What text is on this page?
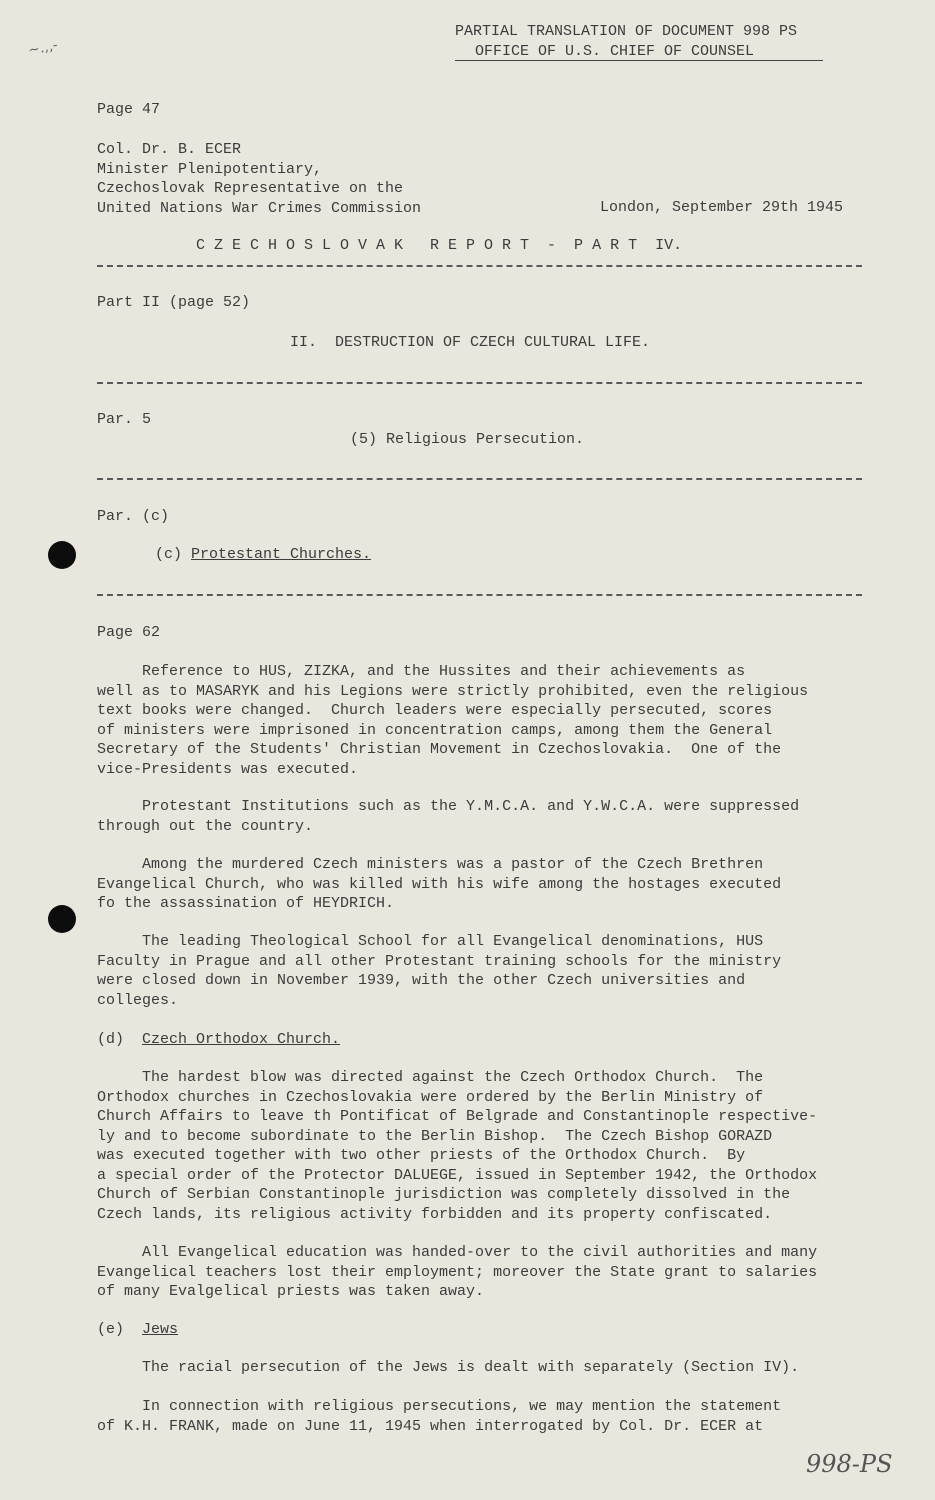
~.,,-
PARTIAL TRANSLATION OF DOCUMENT 998 PS
OFFICE OF U.S. CHIEF OF COUNSEL
Page 47
Col. Dr. B. ECER
Minister Plenipotentiary,
Czechoslovak Representative on the
United Nations War Crimes Commission	London, September 29th 1945
C Z E C H O S L O V A K   R E P O R T  -  P A R T  IV.
Part II (page 52)
II.  DESTRUCTION OF CZECH CULTURAL LIFE.
Par. 5
(5) Religious Persecution.
Par. (c)
(c) Protestant Churches.
Page 62
Reference to HUS, ZIZKA, and the Hussites and their achievements as
well as to MASARYK and his Legions were strictly prohibited, even the religious
text books were changed.  Church leaders were especially persecuted, scores
of ministers were imprisoned in concentration camps, among them the General
Secretary of the Students' Christian Movement in Czechoslovakia.  One of the
vice-Presidents was executed.
Protestant Institutions such as the Y.M.C.A. and Y.W.C.A. were suppressed
through out the country.
Among the murdered Czech ministers was a pastor of the Czech Brethren
Evangelical Church, who was killed with his wife among the hostages executed
fo the assassination of HEYDRICH.
The leading Theological School for all Evangelical denominations, HUS
Faculty in Prague and all other Protestant training schools for the ministry
were closed down in November 1939, with the other Czech universities and
colleges.
(d) Czech Orthodox Church.
The hardest blow was directed against the Czech Orthodox Church.  The
Orthodox churches in Czechoslovakia were ordered by the Berlin Ministry of
Church Affairs to leave th Pontificat of Belgrade and Constantinople respective-
ly and to become subordinate to the Berlin Bishop.  The Czech Bishop GORAZD
was executed together with two other priests of the Orthodox Church.  By
a special order of the Protector DALUEGE, issued in September 1942, the Orthodox
Church of Serbian Constantinople jurisdiction was completely dissolved in the
Czech lands, its religious activity forbidden and its property confiscated.
All Evangelical education was handed-over to the civil authorities and many
Evangelical teachers lost their employment; moreover the State grant to salaries
of many Evalgelical priests was taken away.
(e) Jews
The racial persecution of the Jews is dealt with separately (Section IV).
In connection with religious persecutions, we may mention the statement
of K.H. FRANK, made on June 11, 1945 when interrogated by Col. Dr. ECER at
998-PS
